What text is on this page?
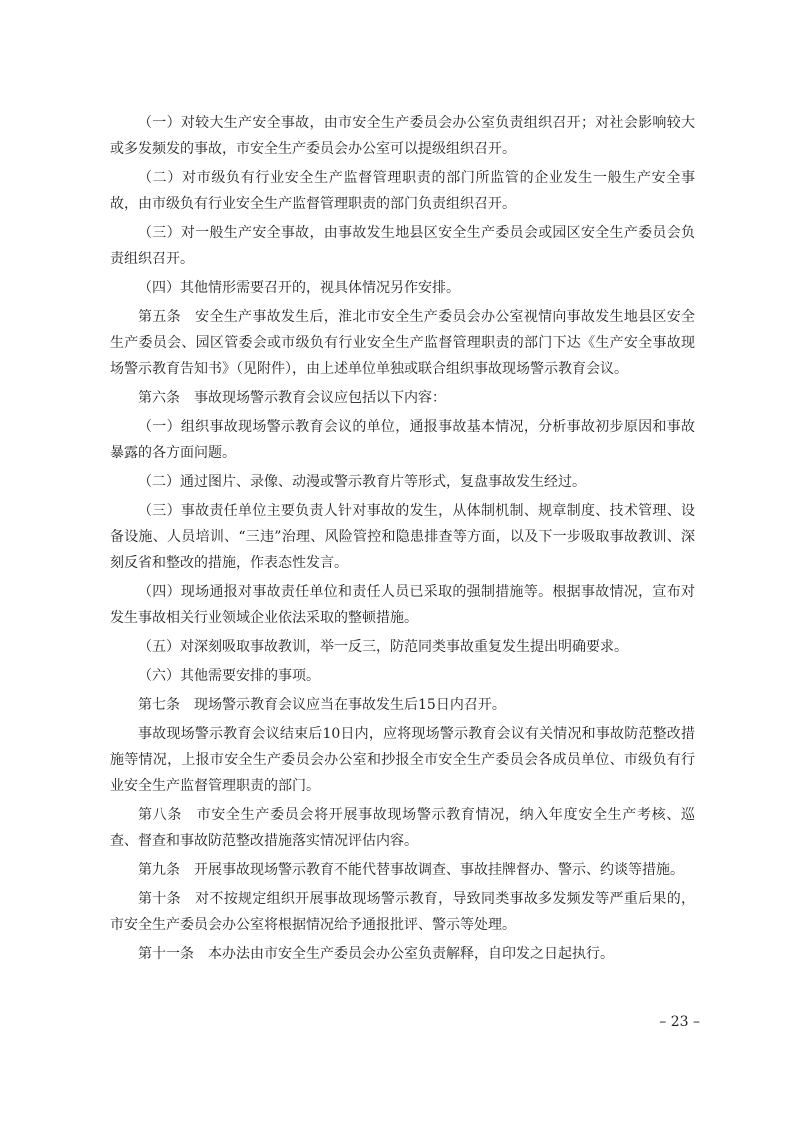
（一）对较大生产安全事故，由市安全生产委员会办公室负责组织召开；对社会影响较大或多发频发的事故，市安全生产委员会办公室可以提级组织召开。

（二）对市级负有行业安全生产监督管理职责的部门所监管的企业发生一般生产安全事故，由市级负有行业安全生产监督管理职责的部门负责组织召开。

（三）对一般生产安全事故，由事故发生地县区安全生产委员会或园区安全生产委员会负责组织召开。

（四）其他情形需要召开的，视具体情况另作安排。

第五条　安全生产事故发生后，淮北市安全生产委员会办公室视情向事故发生地县区安全生产委员会、园区管委会或市级负有行业安全生产监督管理职责的部门下达《生产安全事故现场警示教育告知书》（见附件），由上述单位单独或联合组织事故现场警示教育会议。

第六条　事故现场警示教育会议应包括以下内容：

（一）组织事故现场警示教育会议的单位，通报事故基本情况，分析事故初步原因和事故暴露的各方面问题。

（二）通过图片、录像、动漫或警示教育片等形式，复盘事故发生经过。

（三）事故责任单位主要负责人针对事故的发生，从体制机制、规章制度、技术管理、设备设施、人员培训、“三违”治理、风险管控和隐患排查等方面，以及下一步吸取事故教训、深刻反省和整改的措施，作表态性发言。

（四）现场通报对事故责任单位和责任人员已采取的强制措施等。根据事故情况，宣布对发生事故相关行业领域企业依法采取的整顿措施。

（五）对深刻吸取事故教训，举一反三，防范同类事故重复发生提出明确要求。

（六）其他需要安排的事项。

第七条　现场警示教育会议应当在事故发生后15日内召开。

事故现场警示教育会议结束后10日内，应将现场警示教育会议有关情况和事故防范整改措施等情况，上报市安全生产委员会办公室和抄报全市安全生产委员会各成员单位、市级负有行业安全生产监督管理职责的部门。

第八条　市安全生产委员会将开展事故现场警示教育情况，纳入年度安全生产考核、巡查、督查和事故防范整改措施落实情况评估内容。

第九条　开展事故现场警示教育不能代替事故调查、事故挂牌督办、警示、约谈等措施。

第十条　对不按规定组织开展事故现场警示教育，导致同类事故多发频发等严重后果的，市安全生产委员会办公室将根据情况给予通报批评、警示等处理。

第十一条　本办法由市安全生产委员会办公室负责解释，自印发之日起执行。

– 23 –
